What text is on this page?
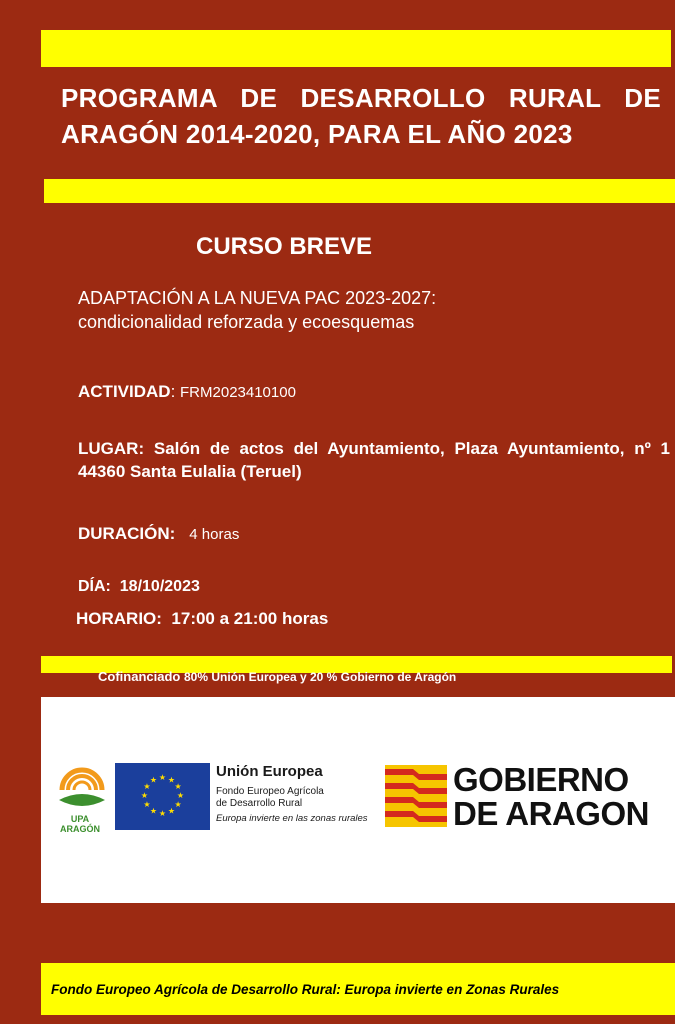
PROGRAMA DE DESARROLLO RURAL DE ARAGÓN 2014-2020, PARA EL AÑO 2023
CURSO BREVE
ADAPTACIÓN A LA NUEVA PAC 2023-2027:
condicionalidad reforzada y ecoesquemas
ACTIVIDAD: FRM2023410100
LUGAR: Salón de actos del Ayuntamiento, Plaza Ayuntamiento, nº 1 44360 Santa Eulalia (Teruel)
DURACIÓN: 4 horas
DÍA: 18/10/2023
HORARIO: 17:00 a 21:00 horas
Cofinanciado 80% Unión Europea y 20 % Gobierno de Aragón
UPA
ARAGÓN
★ ★
★
★
★
★
★
★
★
★
★
★	Unión Europea
Fondo Europeo Agrícola
de Desarrollo Rural
Europa invierte en las zonas rurales
GOBIERNO
DE ARAGON
Fondo Europeo Agrícola de Desarrollo Rural: Europa invierte en Zonas Rurales
